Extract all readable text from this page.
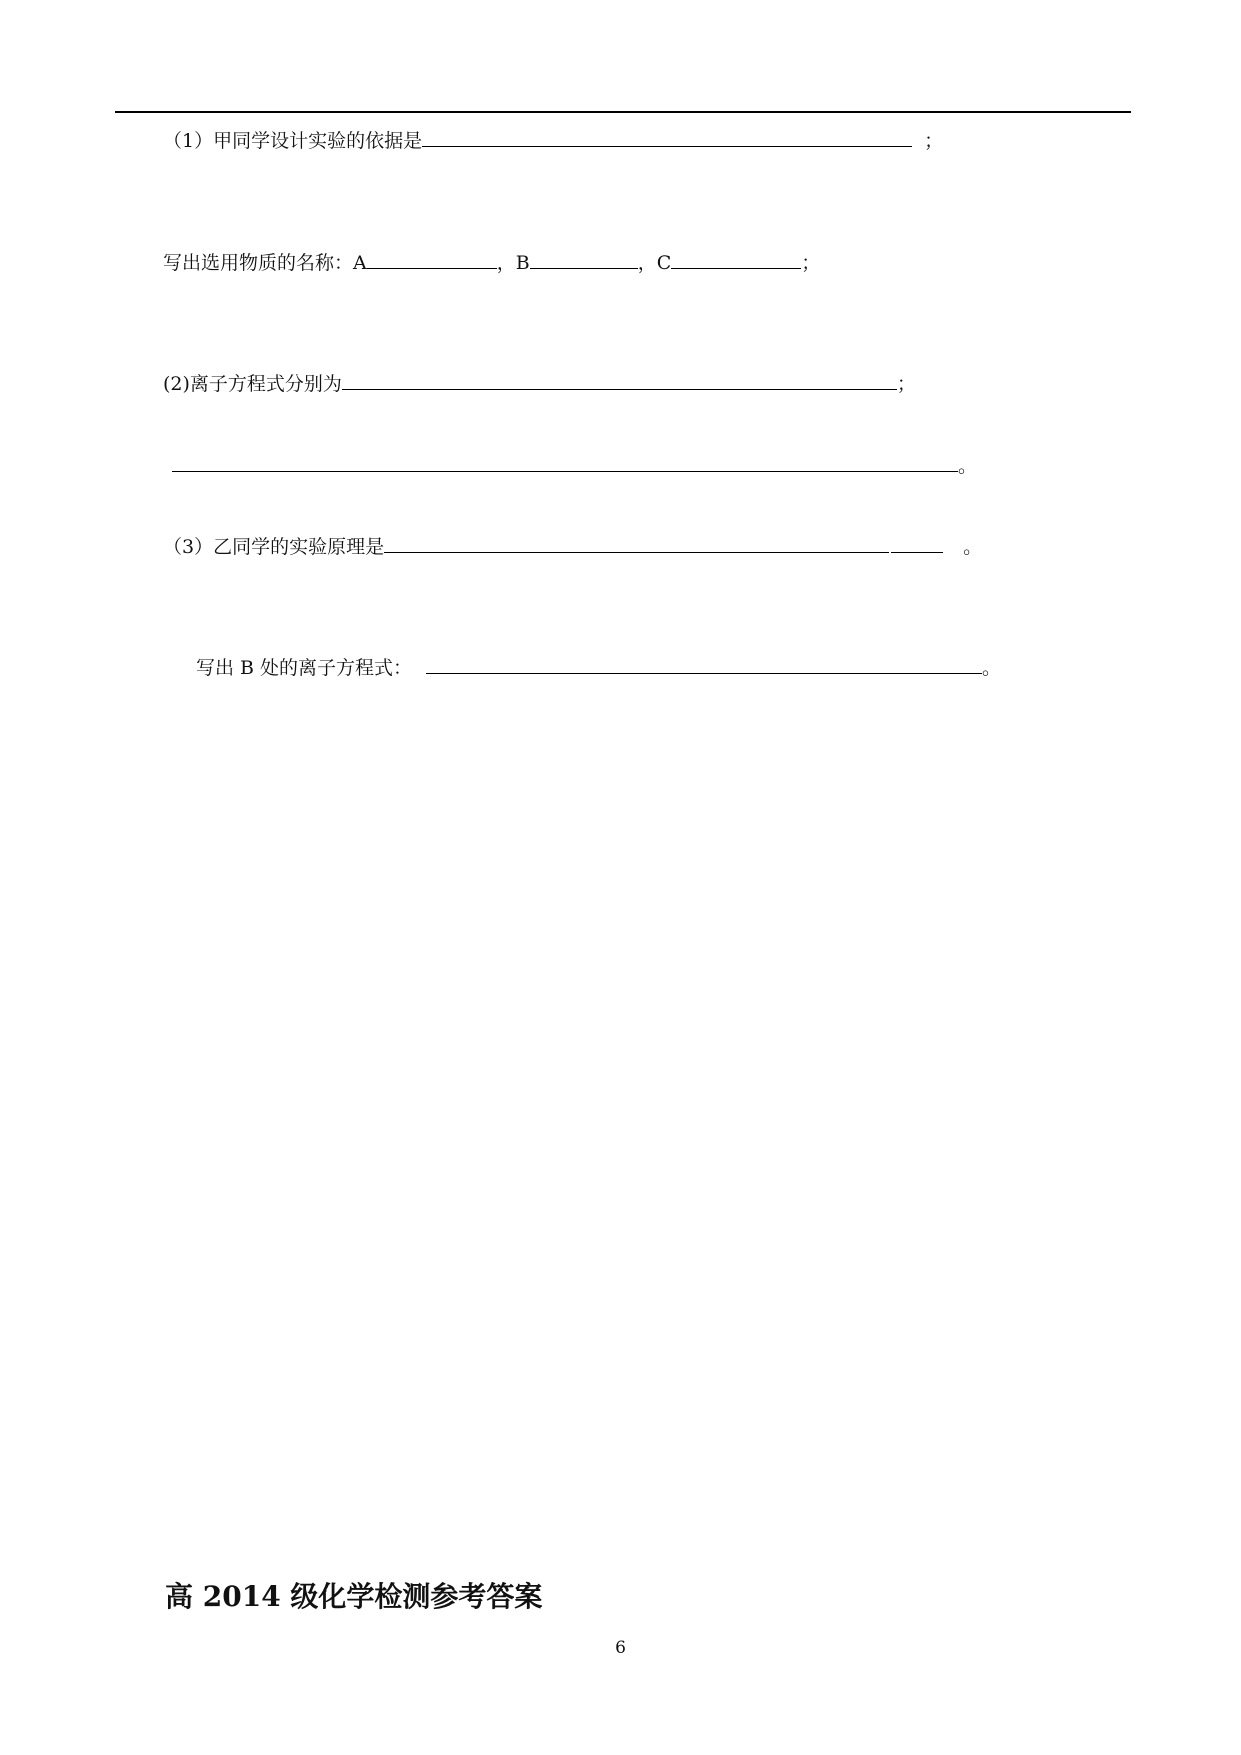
（1）甲同学设计实验的依据是	；
写出选用物质的名称：A	，B	，C	；
(2)离子方程式分别为	；
。
（3）乙同学的实验原理是	。
写出 B 处的离子方程式：	。
高 2014 级化学检测参考答案
6
